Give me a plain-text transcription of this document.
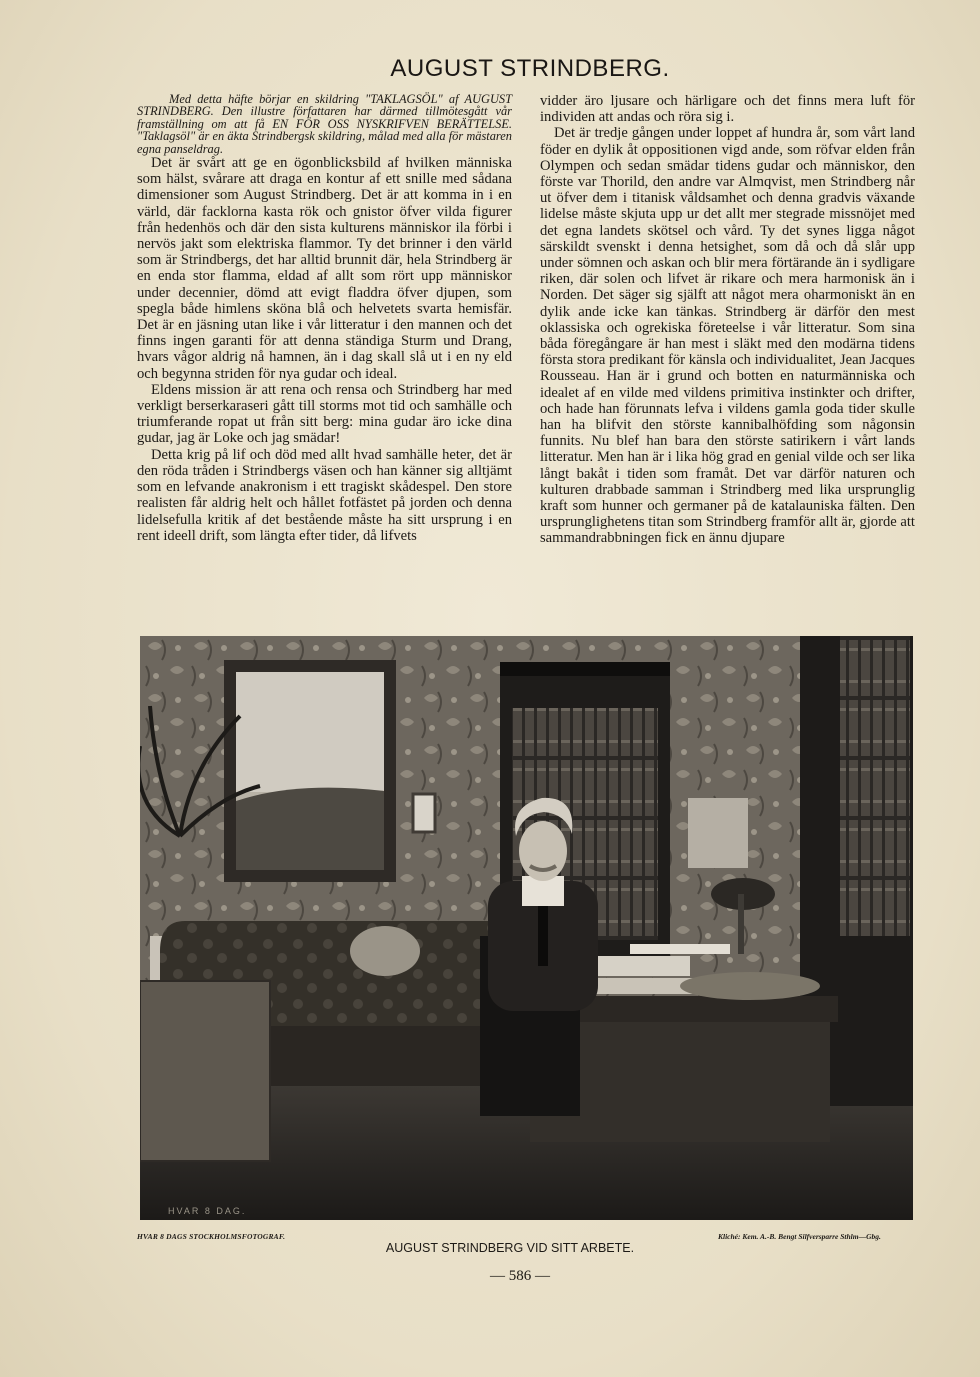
AUGUST STRINDBERG.

Med detta häfte börjar en skildring "TAKLAGSÖL" af AUGUST STRINDBERG. Den illustre författaren har därmed tillmötesgått vår framställning om att få EN FÖR OSS NYSKRIFVEN BERÄTTELSE. "Taklagsöl" är en äkta Strindbergsk skildring, målad med alla för mästaren egna panseldrag.

Det är svårt att ge en ögonblicksbild af hvilken människa som hälst, svårare att draga en kontur af ett snille med sådana dimensioner som August Strindberg. Det är att komma in i en värld, där facklorna kasta rök och gnistor öfver vilda figurer från hedenhös och där den sista kulturens människor ila förbi i nervös jakt som elektriska flammor. Ty det brinner i den värld som är Strindbergs, det har alltid brunnit där, hela Strindberg är en enda stor flamma, eldad af allt som rört upp människor under decennier, dömd att evigt fladdra öfver djupen, som spegla både himlens sköna blå och helvetets svarta hemisfär. Det är en jäsning utan like i vår litteratur i den mannen och det finns ingen garanti för att denna ständiga Sturm und Drang, hvars vågor aldrig nå hamnen, än i dag skall slå ut i en ny eld och begynna striden för nya gudar och ideal.

Eldens mission är att rena och rensa och Strindberg har med verkligt berserkaraseri gått till storms mot tid och samhälle och triumferande ropat ut från sitt berg: mina gudar äro icke dina gudar, jag är Loke och jag smädar!

Detta krig på lif och död med allt hvad samhälle heter, det är den röda tråden i Strindbergs väsen och han känner sig alltjämt som en lefvande anakronism i ett tragiskt skådespel. Den store realisten får aldrig helt och hållet fotfästet på jorden och denna lidelsefulla kritik af det bestående måste ha sitt ursprung i en rent ideell drift, som längta efter tider, då lifvets

vidder äro ljusare och härligare och det finns mera luft för individen att andas och röra sig i.

Det är tredje gången under loppet af hundra år, som vårt land föder en dylik åt oppositionen vigd ande, som röfvar elden från Olympen och sedan smädar tidens gudar och människor, den förste var Thorild, den andre var Almqvist, men Strindberg når ut öfver dem i titanisk våldsamhet och denna gradvis växande lidelse måste skjuta upp ur det allt mer stegrade missnöjet med det egna landets skötsel och vård. Ty det synes ligga något särskildt svenskt i denna hetsighet, som då och då slår upp under sömnen och askan och blir mera förtärande än i sydligare riken, där solen och lifvet är rikare och mera harmonisk än i Norden. Det säger sig själft att något mera oharmoniskt än en dylik ande icke kan tänkas. Strindberg är därför den mest oklassiska och ogrekiska företeelse i vår litteratur. Som sina båda föregångare är han mest i släkt med den modärna tidens första stora predikant för känsla och individualitet, Jean Jacques Rousseau. Han är i grund och botten en naturmänniska och idealet af en vilde med vildens primitiva instinkter och drifter, och hade han förunnats lefva i vildens gamla goda tider skulle han ha blifvit den störste kannibalhöfding som någonsin funnits. Nu blef han bara den störste satirikern i vårt lands litteratur. Men han är i lika hög grad en genial vilde och ser lika långt bakåt i tiden som framåt. Det var därför naturen och kulturen drabbade samman i Strindberg med lika ursprunglig kraft som hunner och germaner på de katalauniska fälten. Den ursprunglighetens titan som Strindberg framför allt är, gjorde att sammandrabbningen fick en ännu djupare

HVAR 8 DAG.
HVAR 8 DAGS STOCKHOLMSFOTOGRAF.	Kliché: Kem. A.-B. Bengt Silfversparre Sthlm—Gbg.
AUGUST STRINDBERG VID SITT ARBETE.
— 586 —
